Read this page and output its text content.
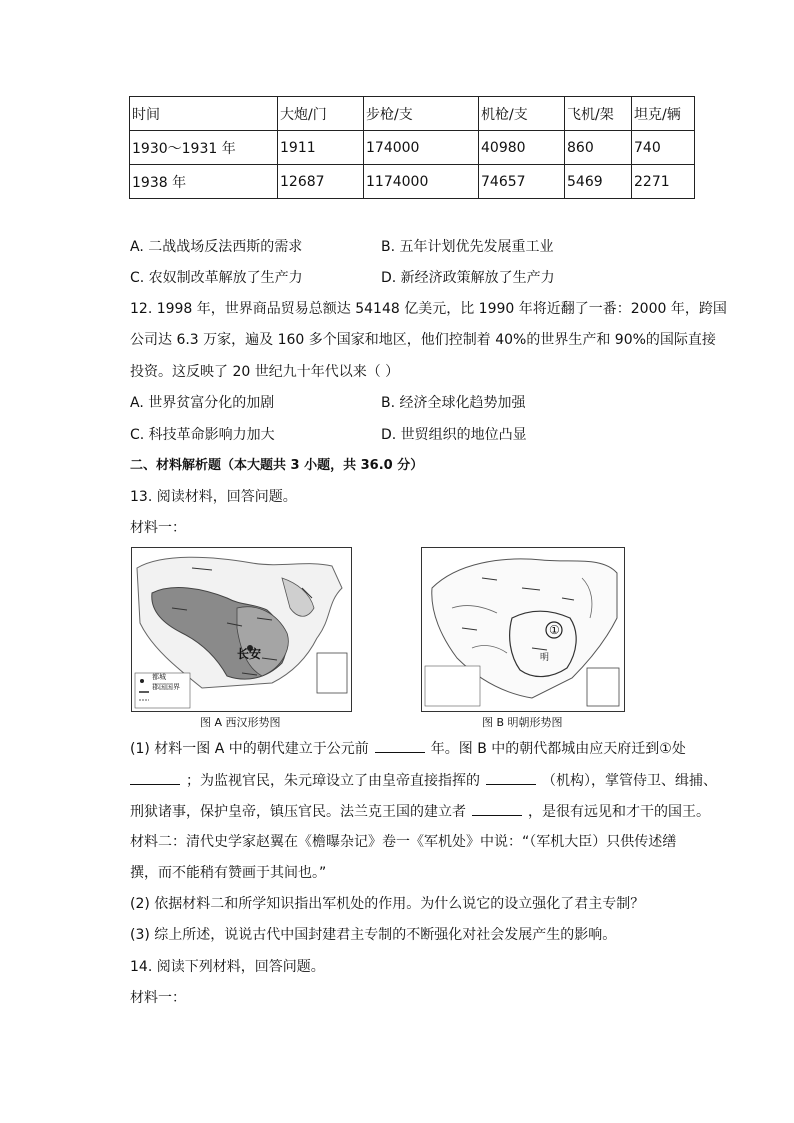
时间	大炮/门	步枪/支	机枪/支	飞机/架	坦克/辆
1930～1931 年	1911	174000	40980	860	740
1938 年	12687	1174000	74657	5469	2271
A. 二战战场反法西斯的需求	B. 五年计划优先发展重工业
C. 农奴制改革解放了生产力	D. 新经济政策解放了生产力
12. 1998 年，世界商品贸易总额达 54148 亿美元，比 1990 年将近翻了一番：2000 年，跨国
公司达 6.3 万家，遍及 160 多个国家和地区，他们控制着 40%的世界生产和 90%的国际直接
投资。这反映了 20 世纪九十年代以来（ ）
A. 世界贫富分化的加剧	B. 经济全球化趋势加强
C. 科技革命影响力加大	D. 世贸组织的地位凸显
二、材料解析题（本大题共 3 小题，共 36.0 分）
13. 阅读材料，回答问题。
材料一：
长安
都城
郡国国界
图 A 西汉形势图
①
明
图 B 明朝形势图
(1) 材料一图 A 中的朝代建立于公元前	年。图 B 中的朝代都城由应天府迁到①处
；为监视官民，朱元璋设立了由皇帝直接指挥的	（机构），掌管侍卫、缉捕、
刑狱诸事，保护皇帝，镇压官民。法兰克王国的建立者	，是很有远见和才干的国王。
材料二：清代史学家赵翼在《檐曝杂记》卷一《军机处》中说：“（军机大臣）只供传述缮
撰，而不能稍有赞画于其间也。”
(2) 依据材料二和所学知识指出军机处的作用。为什么说它的设立强化了君主专制？
(3) 综上所述，说说古代中国封建君主专制的不断强化对社会发展产生的影响。
14. 阅读下列材料，回答问题。
材料一：
